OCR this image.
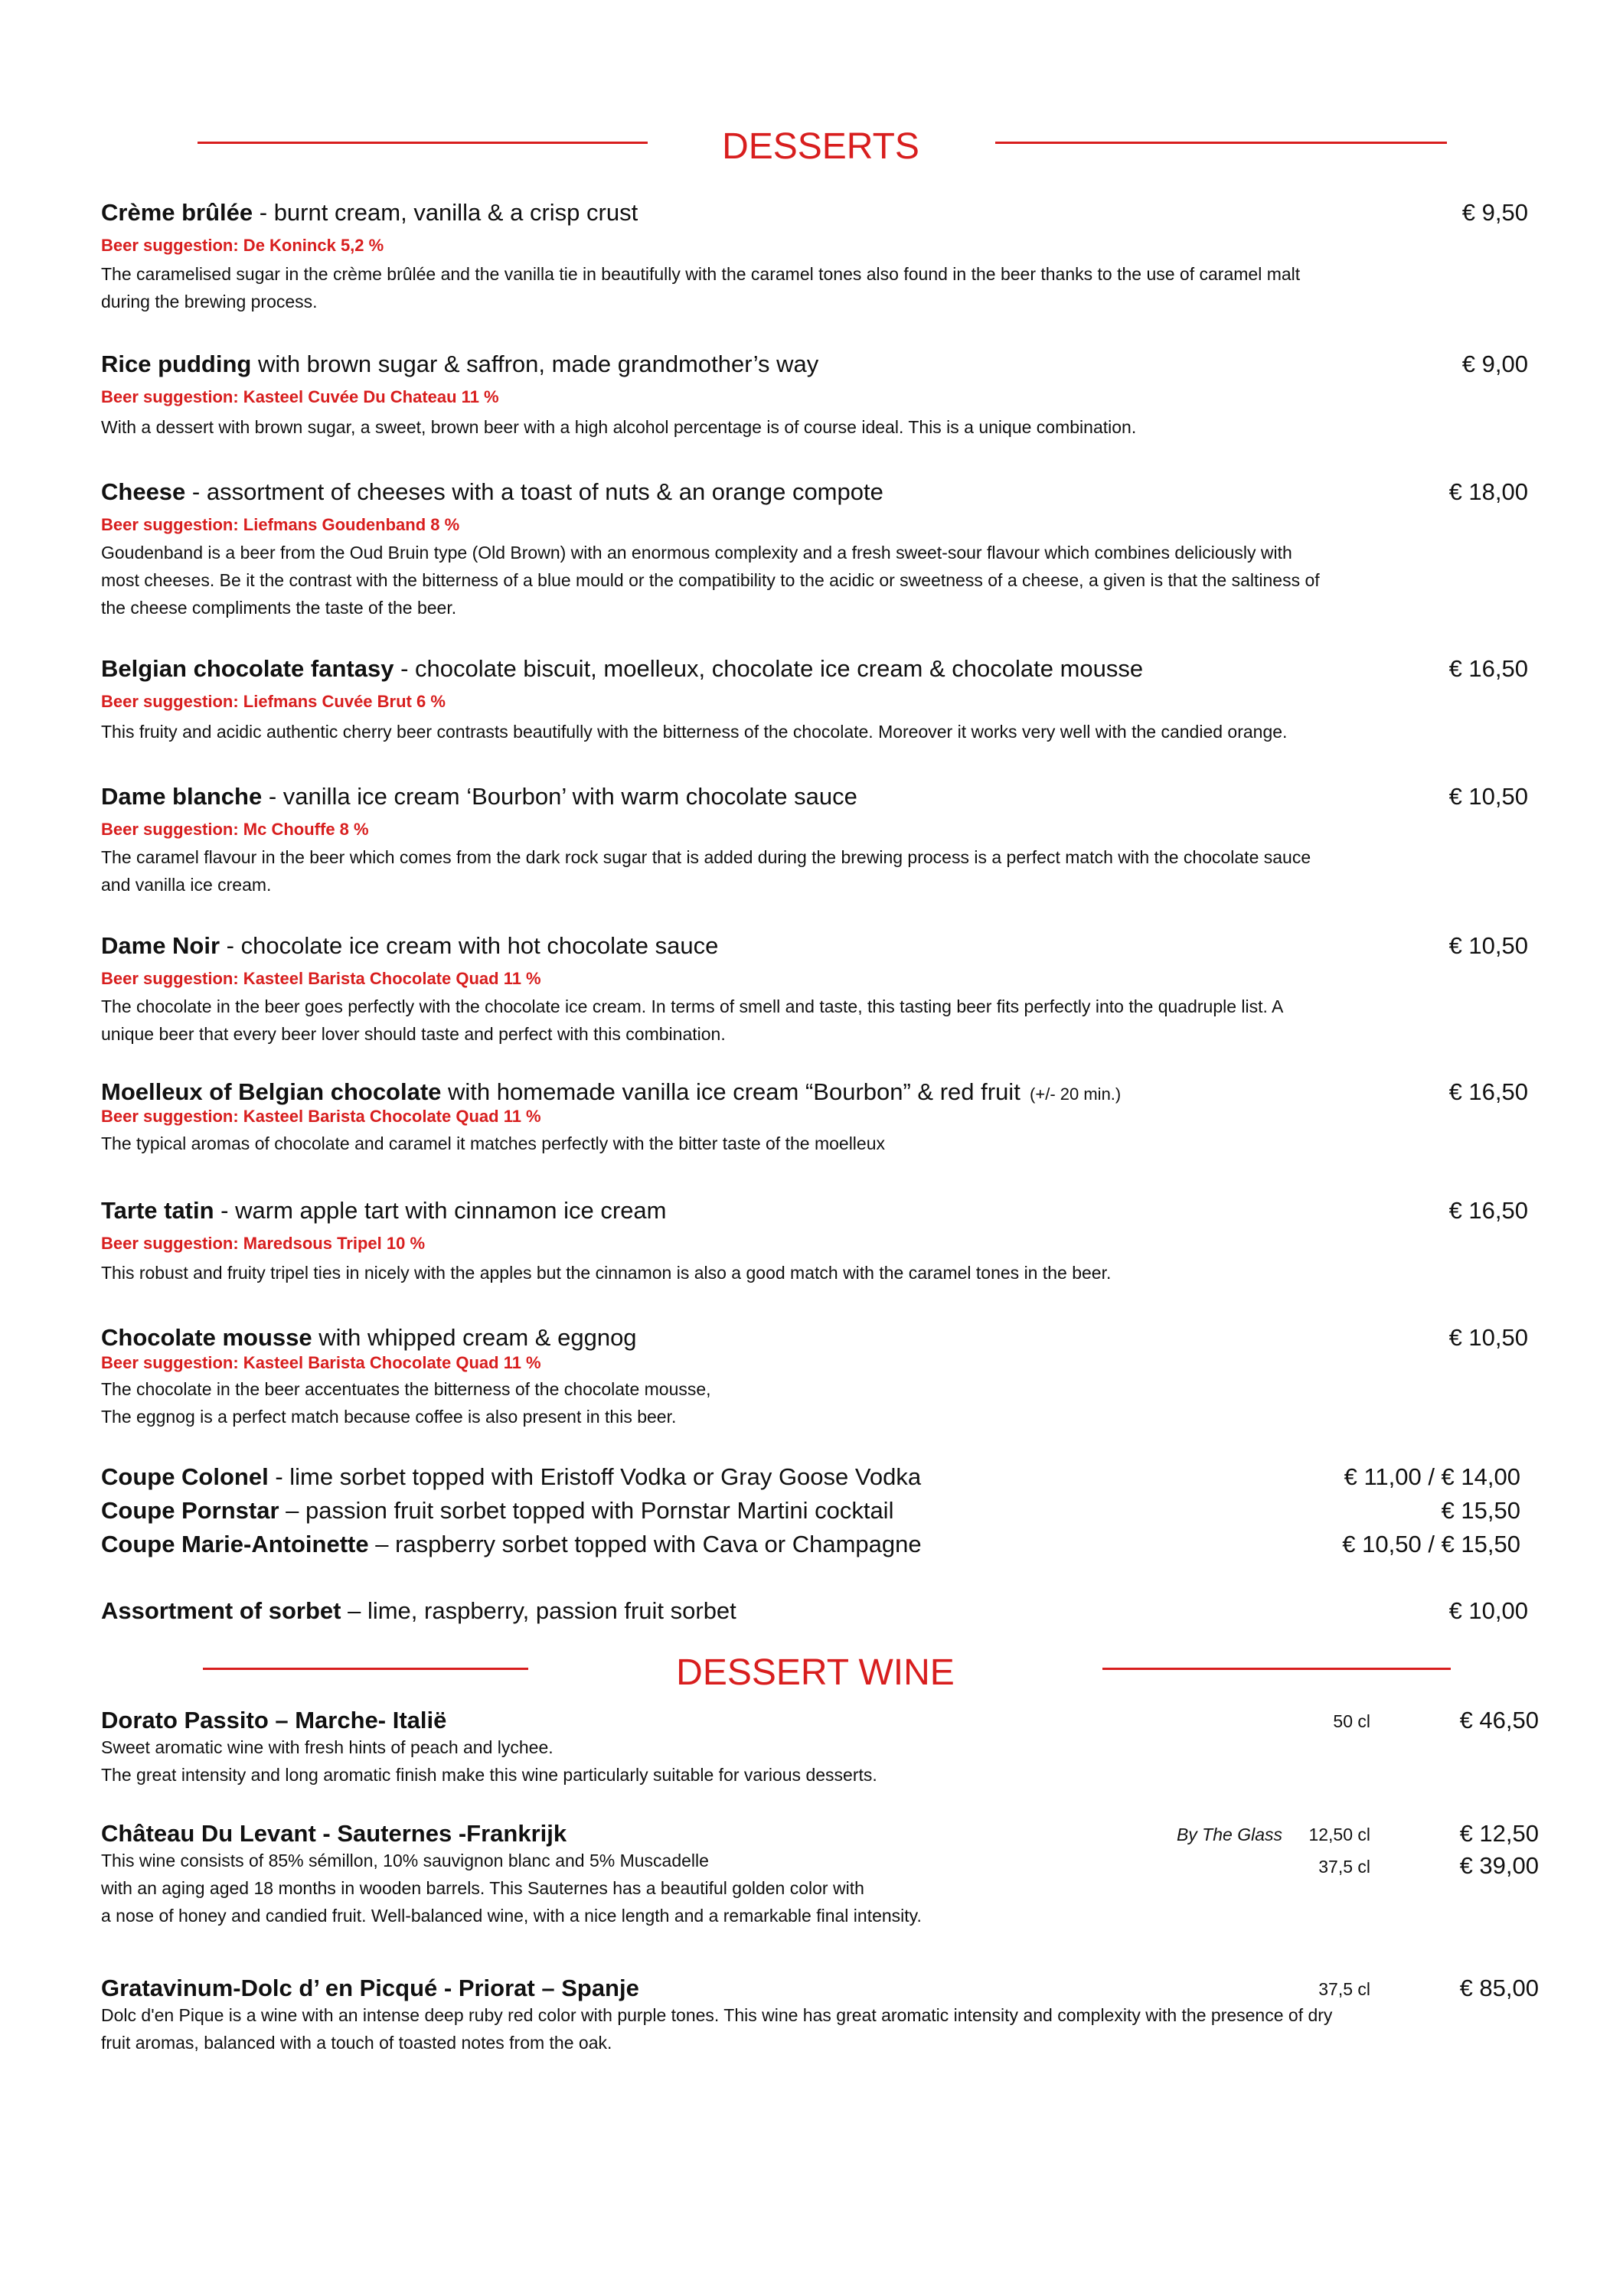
DESSERTS
Crème brûlée - burnt cream, vanilla & a crisp crust	€ 9,50
Beer suggestion: De Koninck 5,2 %
The caramelised sugar in the crème brûlée and the vanilla tie in beautifully with the caramel tones also found in the beer thanks to the use of caramel malt
during the brewing process.
Rice pudding with brown sugar & saffron, made grandmother’s way	€ 9,00
Beer suggestion: Kasteel Cuvée Du Chateau 11 %
With a dessert with brown sugar, a sweet, brown beer with a high alcohol percentage is of course ideal. This is a unique combination.
Cheese - assortment of cheeses with a toast of nuts & an orange compote	€ 18,00
Beer suggestion: Liefmans Goudenband 8 %
Goudenband is a beer from the Oud Bruin type (Old Brown) with an enormous complexity and a fresh sweet-sour flavour which combines deliciously with
most cheeses. Be it the contrast with the bitterness of a blue mould or the compatibility to the acidic or sweetness of a cheese, a given is that the saltiness of
the cheese compliments the taste of the beer.
Belgian chocolate fantasy - chocolate biscuit, moelleux, chocolate ice cream & chocolate mousse	€ 16,50
Beer suggestion: Liefmans Cuvée Brut 6 %
This fruity and acidic authentic cherry beer contrasts beautifully with the bitterness of the chocolate. Moreover it works very well with the candied orange.
Dame blanche - vanilla ice cream ‘Bourbon’ with warm chocolate sauce	€ 10,50
Beer suggestion: Mc Chouffe 8 %
The caramel flavour in the beer which comes from the dark rock sugar that is added during the brewing process is a perfect match with the chocolate sauce
and vanilla ice cream.
Dame Noir - chocolate ice cream with hot chocolate sauce	€ 10,50
Beer suggestion: Kasteel Barista Chocolate Quad 11 %
The chocolate in the beer goes perfectly with the chocolate ice cream. In terms of smell and taste, this tasting beer fits perfectly into the quadruple list. A
unique beer that every beer lover should taste and perfect with this combination.
Moelleux of Belgian chocolate with homemade vanilla ice cream “Bourbon” & red fruit (+/- 20 min.)	€ 16,50
Beer suggestion: Kasteel Barista Chocolate Quad 11 %
The typical aromas of chocolate and caramel it matches perfectly with the bitter taste of the moelleux
Tarte tatin - warm apple tart with cinnamon ice cream	€ 16,50
Beer suggestion: Maredsous Tripel 10 %
This robust and fruity tripel ties in nicely with the apples but the cinnamon is also a good match with the caramel tones in the beer.
Chocolate mousse with whipped cream & eggnog	€ 10,50
Beer suggestion: Kasteel Barista Chocolate Quad 11 %
The chocolate in the beer accentuates the bitterness of the chocolate mousse,
The eggnog is a perfect match because coffee is also present in this beer.
Coupe Colonel - lime sorbet topped with Eristoff Vodka or Gray Goose Vodka	€ 11,00 / € 14,00
Coupe Pornstar – passion fruit sorbet topped with Pornstar Martini cocktail	€ 15,50
Coupe Marie-Antoinette – raspberry sorbet topped with Cava or Champagne	€ 10,50 / € 15,50
Assortment of sorbet – lime, raspberry, passion fruit sorbet	€ 10,00
DESSERT WINE
Dorato Passito – Marche- Italië	50 cl	€ 46,50
Sweet aromatic wine with fresh hints of peach and lychee.
The great intensity and long aromatic finish make this wine particularly suitable for various desserts.
Château Du Levant - Sauternes -Frankrijk	By The Glass 12,50 cl	€ 12,50
37,5 cl	€ 39,00
This wine consists of 85% sémillon, 10% sauvignon blanc and 5% Muscadelle
with an aging aged 18 months in wooden barrels. This Sauternes has a beautiful golden color with
a nose of honey and candied fruit. Well-balanced wine, with a nice length and a remarkable final intensity.
Gratavinum-Dolc d’ en Picqué - Priorat – Spanje	37,5 cl	€ 85,00
Dolc d'en Pique is a wine with an intense deep ruby red color with purple tones. This wine has great aromatic intensity and complexity with the presence of dry
fruit aromas, balanced with a touch of toasted notes from the oak.
